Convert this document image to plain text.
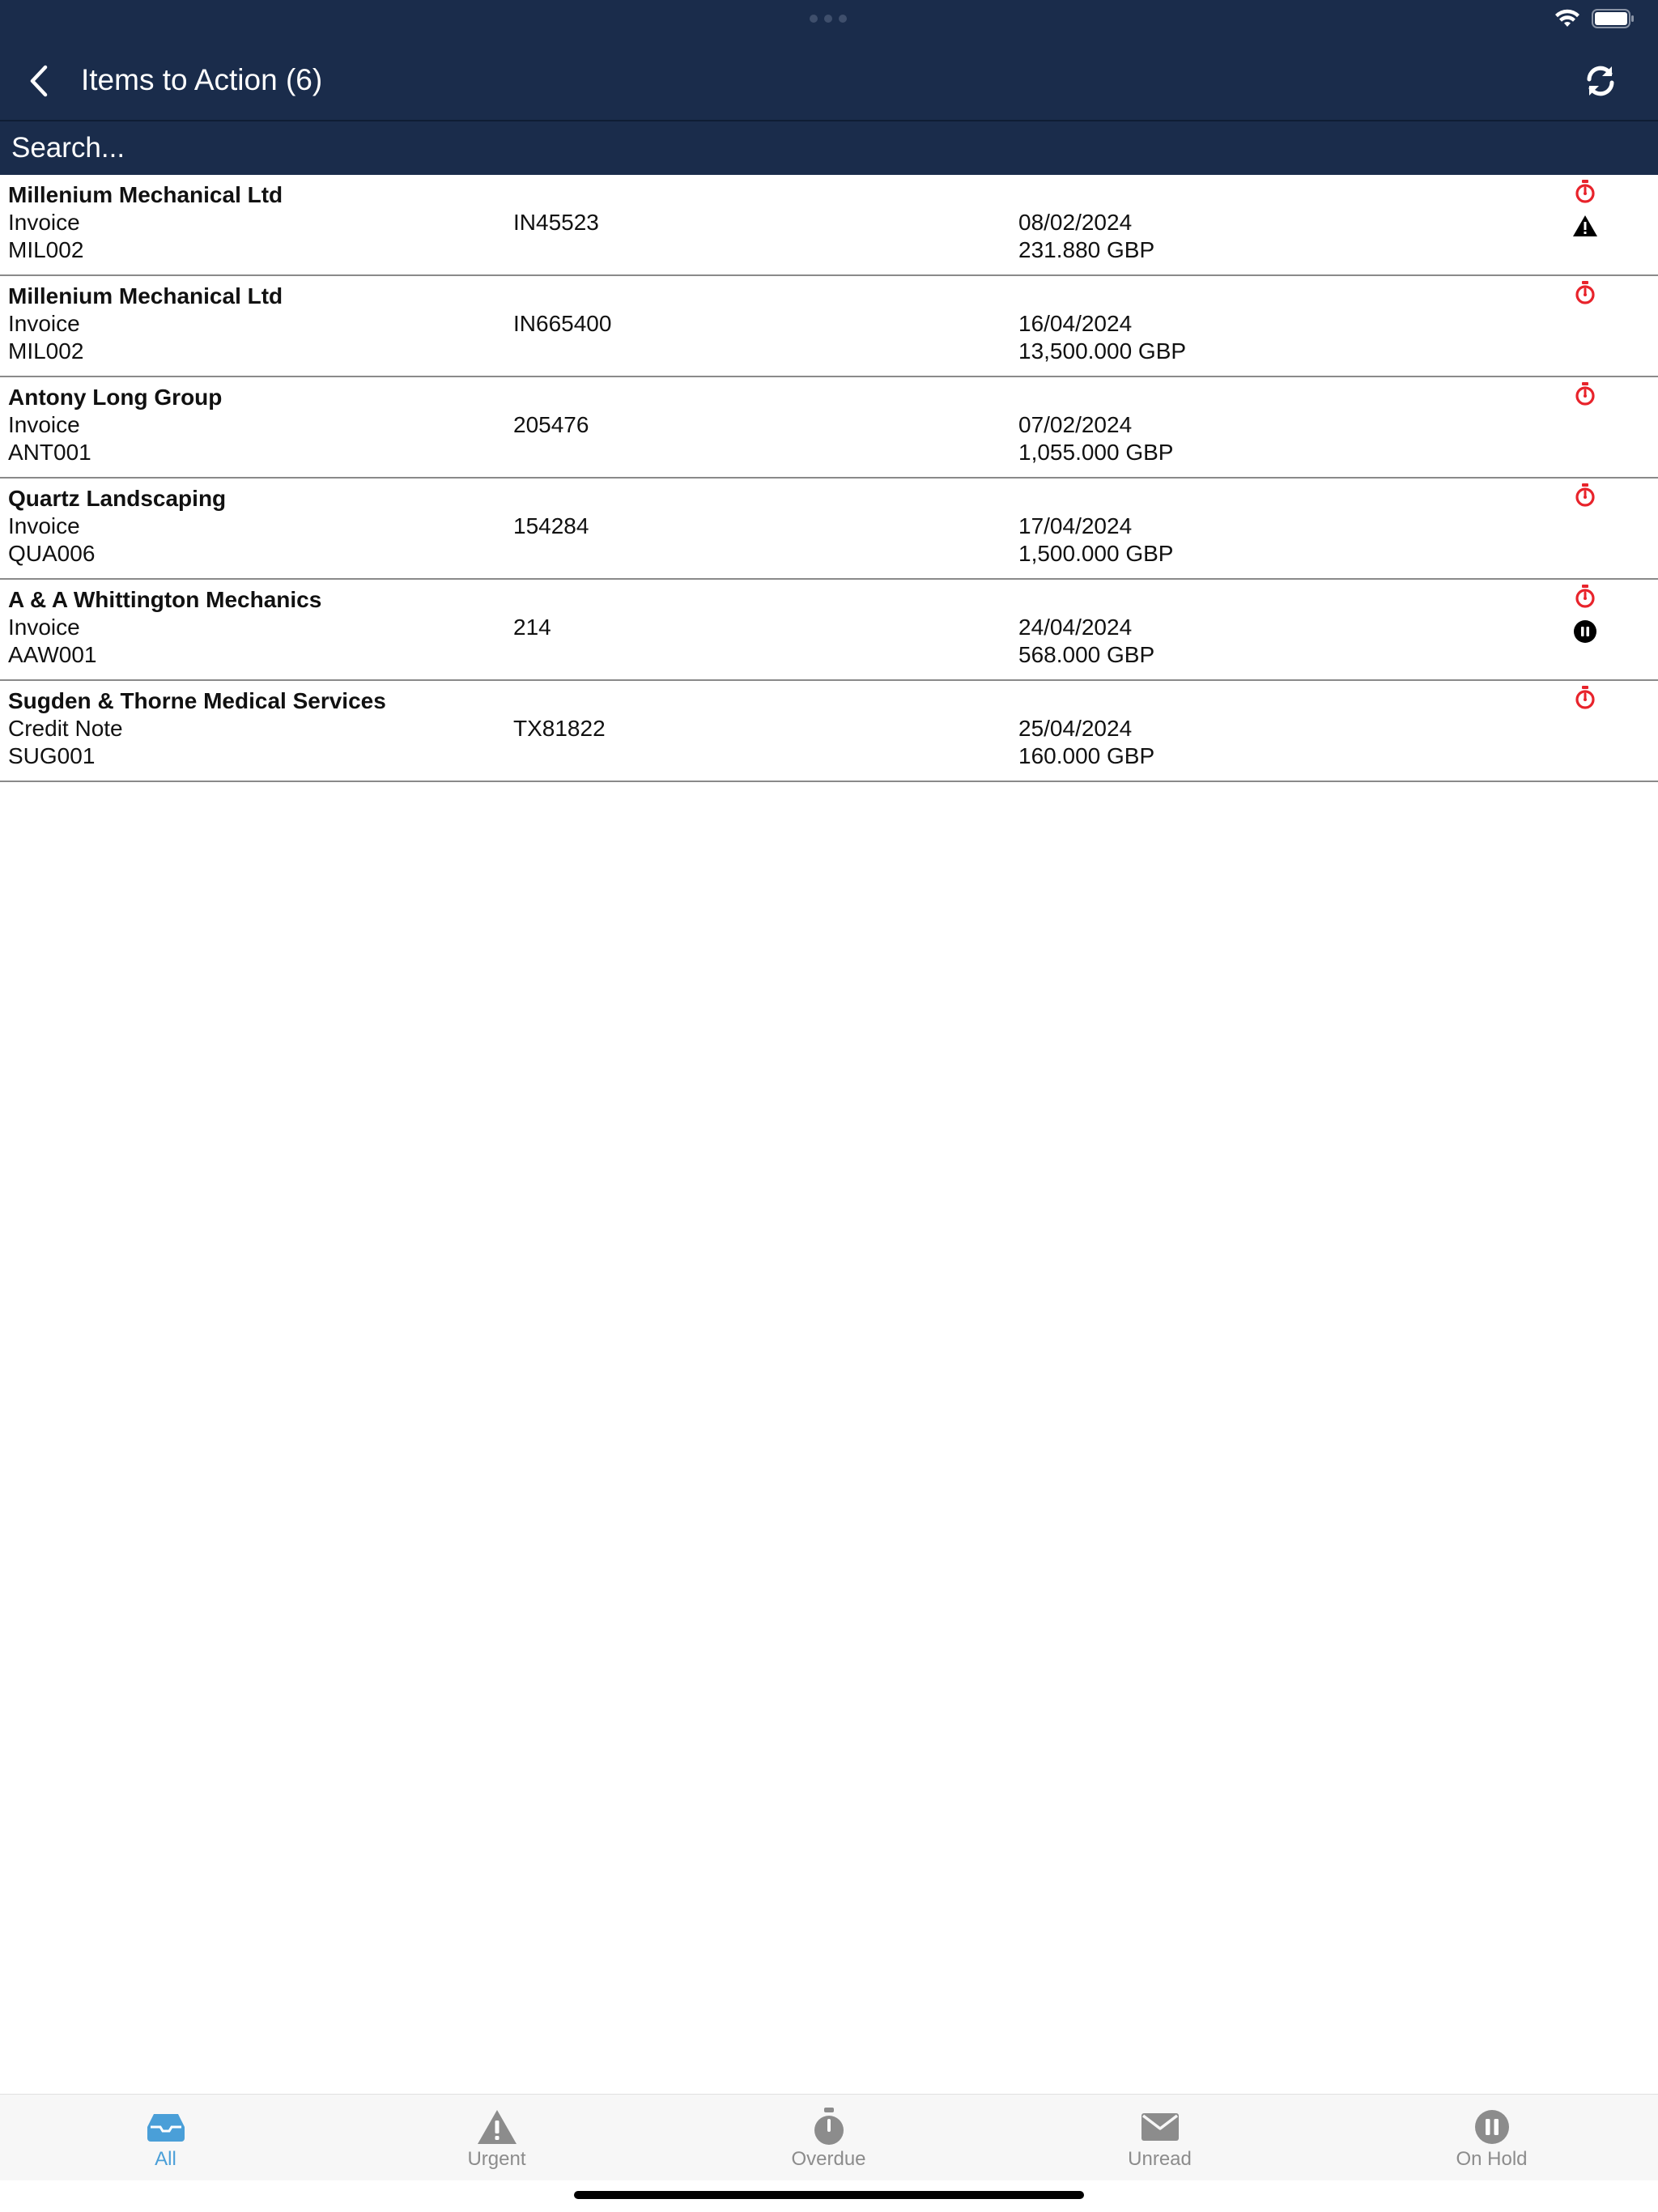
Items to Action (6)
Search...
Millenium Mechanical Ltd
Invoice
MIL002
IN45523	08/02/2024
231.880 GBP
Millenium Mechanical Ltd
Invoice
MIL002
IN665400	16/04/2024
13,500.000 GBP
Antony Long Group
Invoice
ANT001
205476	07/02/2024
1,055.000 GBP
Quartz Landscaping
Invoice
QUA006
154284	17/04/2024
1,500.000 GBP
A & A Whittington Mechanics
Invoice
AAW001
214	24/04/2024
568.000 GBP
Sugden & Thorne Medical Services
Credit Note
SUG001
TX81822	25/04/2024
160.000 GBP
All	Urgent	Overdue	Unread	On Hold
